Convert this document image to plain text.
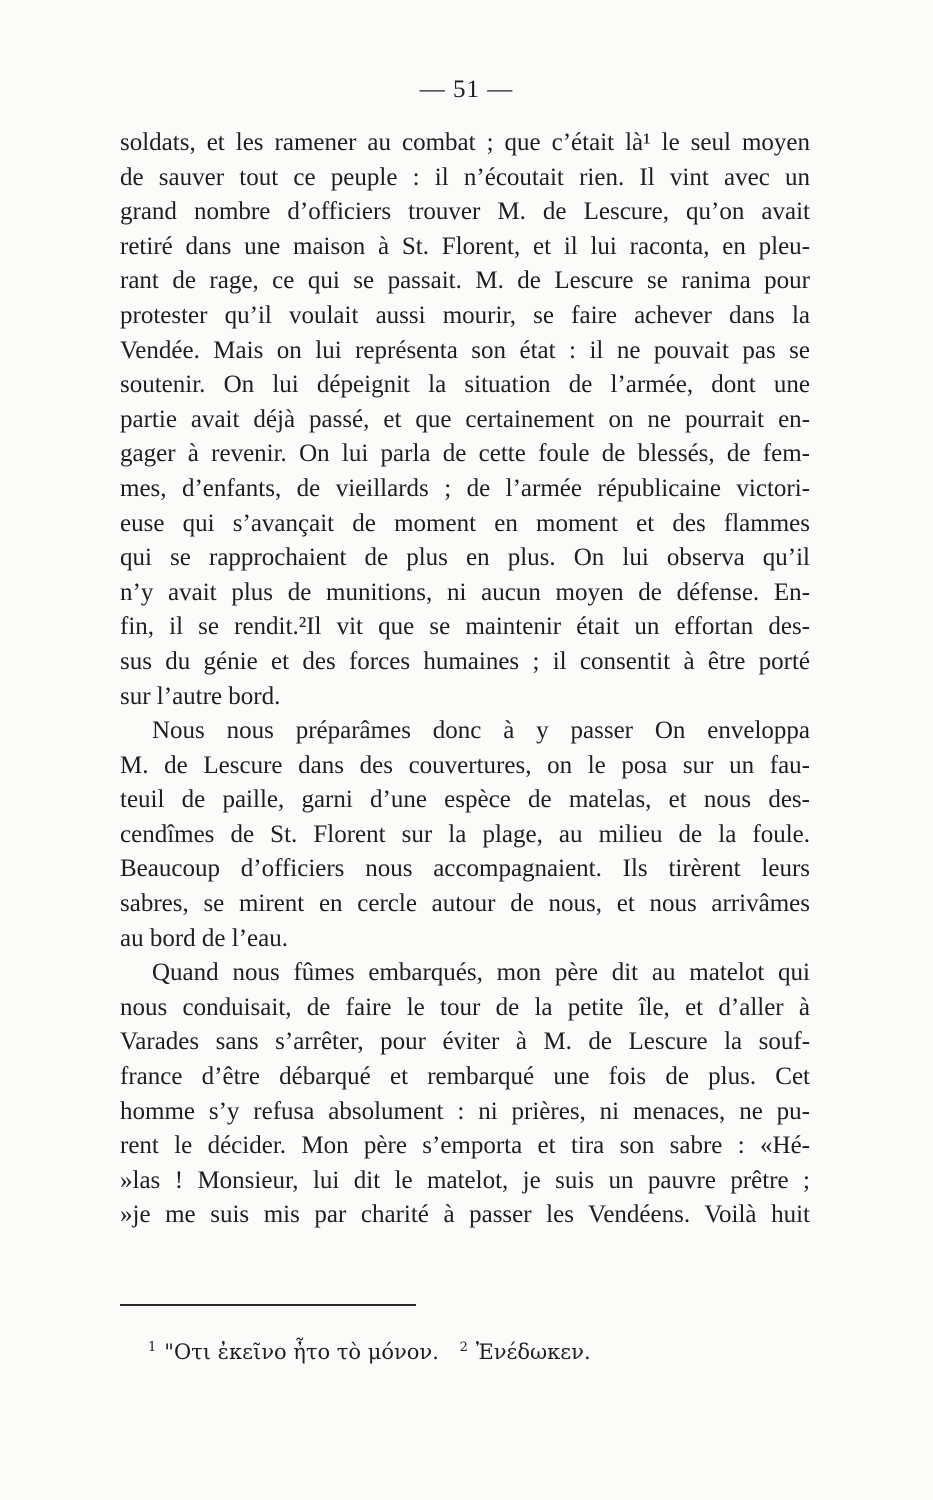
— 51 —
soldats, et les ramener au combat ; que c’était là¹ le seul moyen
de sauver tout ce peuple : il n’écoutait rien. Il vint avec un
grand nombre d’officiers trouver M. de Lescure, qu’on avait
retiré dans une maison à St. Florent, et il lui raconta, en pleu-
rant de rage, ce qui se passait. M. de Lescure se ranima pour
protester qu’il voulait aussi mourir, se faire achever dans la
Vendée. Mais on lui représenta son état : il ne pouvait pas se
soutenir. On lui dépeignit la situation de l’armée, dont une
partie avait déjà passé, et que certainement on ne pourrait en-
gager à revenir. On lui parla de cette foule de blessés, de fem-
mes, d’enfants, de vieillards ; de l’armée républicaine victori-
euse qui s’avançait de moment en moment et des flammes
qui se rapprochaient de plus en plus. On lui observa qu’il
n’y avait plus de munitions, ni aucun moyen de défense. En-
fin, il se rendit.²Il vit que se maintenir était un effortan des-
sus du génie et des forces humaines ; il consentit à être porté
sur l’autre bord.
Nous nous préparâmes donc à y passer On enveloppa
M. de Lescure dans des couvertures, on le posa sur un fau-
teuil de paille, garni d’une espèce de matelas, et nous des-
cendîmes de St. Florent sur la plage, au milieu de la foule.
Beaucoup d’officiers nous accompagnaient. Ils tirèrent leurs
sabres, se mirent en cercle autour de nous, et nous arrivâmes
au bord de l’eau.
Quand nous fûmes embarqués, mon père dit au matelot qui
nous conduisait, de faire le tour de la petite île, et d’aller à
Varades sans s’arrêter, pour éviter à M. de Lescure la souf-
france d’être débarqué et rembarqué une fois de plus. Cet
homme s’y refusa absolument : ni prières, ni menaces, ne pu-
rent le décider. Mon père s’emporta et tira son sabre : «Hé-
»las ! Monsieur, lui dit le matelot, je suis un pauvre prêtre ;
»je me suis mis par charité à passer les Vendéens. Voilà huit
$^1$ "Οτι ἐκεῖνο ἦτο τὸ μόνον. $^2$ Ἐνέδωκεν.
